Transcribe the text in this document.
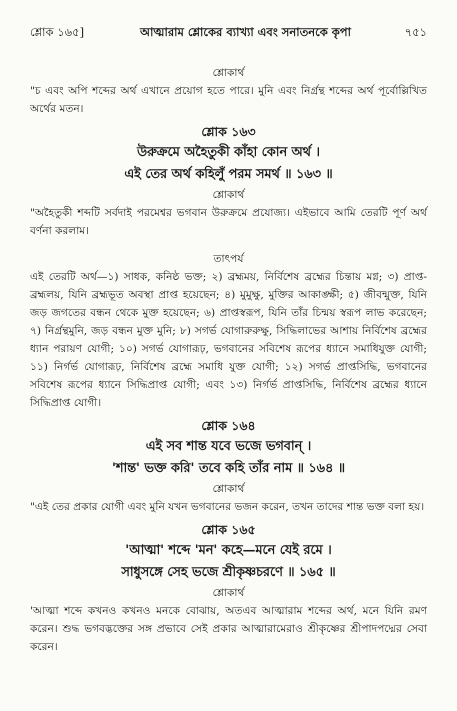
শ্লোক ১৬৫]	আত্মারাম শ্লোকের ব্যাখ্যা এবং সনাতনকে কৃপা	৭৫১

শ্লোকার্থ

"চ এবং অপি শব্দের অর্থ এখানে প্রয়োগ হতে পারে। মুনি এবং নির্গ্রন্থ শব্দের অর্থ পূর্বোল্লিখিত অর্থের মতন।

শ্লোক ১৬৩

উরুক্রমে অহৈতুকী কাঁহা কোন অর্থ ।

এই তের অর্থ কহিলুঁ পরম সমর্থ ॥ ১৬৩ ॥

শ্লোকার্থ

"অহৈতুকী শব্দটি সর্বদাই পরমেশ্বর ভগবান উরুক্রমে প্রযোজ্য। এইভাবে আমি তেরটি পূর্ণ অর্থ বর্ণনা করলাম।

তাৎপর্য

এই তেরটি অর্থ—১) সাধক, কনিষ্ঠ ভক্ত; ২) ব্রহ্মময়, নির্বিশেষ ব্রহ্মের চিন্তায় মগ্ন; ৩) প্রাপ্ত-ব্রহ্মলয়, যিনি ব্রহ্মভূত অবস্থা প্রাপ্ত হয়েছেন; ৪) মুমুক্ষু, মুক্তির আকাঙ্ক্ষী; ৫) জীবন্মুক্ত, যিনি জড় জগতের বন্ধন থেকে মুক্ত হয়েছেন; ৬) প্রাপ্তস্বরূপ, যিনি তাঁর চিন্ময় স্বরূপ লাভ করেছেন; ৭) নির্গ্রন্থমুনি, জড় বন্ধন মুক্ত মুনি; ৮) সগর্ভ যোগারুরুক্ষু, সিদ্ধিলাভের আশায় নির্বিশেষ ব্রহ্মের ধ্যান পরায়ণ যোগী; ১০) সগর্ভ যোগারূঢ়, ভগবানের সবিশেষ রূপের ধ্যানে সমাধিযুক্ত যোগী; ১১) নির্গর্ভ যোগারূঢ়, নির্বিশেষ ব্রহ্মে সমাধি যুক্ত যোগী; ১২) সগর্ভ প্রাপ্তসিদ্ধি, ভগবানের সবিশেষ রূপের ধ্যানে সিদ্ধিপ্রাপ্ত যোগী; এবং ১৩) নির্গর্ভ প্রাপ্তসিদ্ধি, নির্বিশেষ ব্রহ্মের ধ্যানে সিদ্ধিপ্রাপ্ত যোগী।

শ্লোক ১৬৪

এই সব শান্ত যবে ভজে ভগবান্ ।

'শান্ত' ভক্ত করি' তবে কহি তাঁর নাম ॥ ১৬৪ ॥

শ্লোকার্থ

"এই তের প্রকার যোগী এবং মুনি যখন ভগবানের ভজন করেন, তখন তাদের শান্ত ভক্ত বলা হয়।

শ্লোক ১৬৫

'আত্মা' শব্দে 'মন' কহে—মনে যেই রমে ।

সাধুসঙ্গে সেহ ভজে শ্রীকৃষ্ণচরণে ॥ ১৬৫ ॥

শ্লোকার্থ

'আত্মা শব্দে কখনও কখনও মনকে বোঝায়, অতএব আত্মারাম শব্দের অর্থ, মনে যিনি রমণ করেন। শুদ্ধ ভগবদ্ভক্তের সঙ্গ প্রভাবে সেই প্রকার আত্মারামেরাও শ্রীকৃষ্ণের শ্রীপাদপদ্মের সেবা করেন।
